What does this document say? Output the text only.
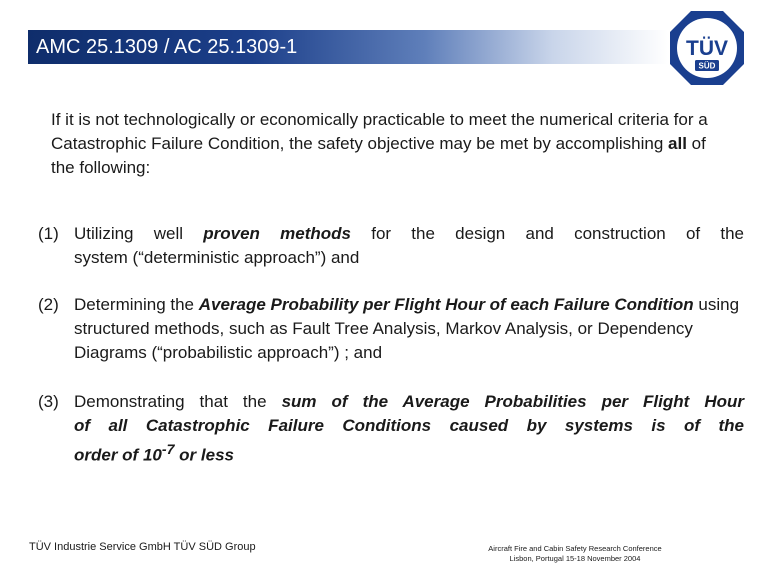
AMC 25.1309 / AC 25.1309-1	TÜV
SÜD
If it is not technologically or economically practicable to meet the numerical criteria for a Catastrophic Failure Condition, the safety objective may be met by accomplishing all of the following:
(1) Utilizing well proven methods for the design and construction of the
system (“deterministic approach”) and
(2) Determining the Average Probability per Flight Hour of each Failure Condition using structured methods, such as Fault Tree Analysis, Markov Analysis, or Dependency Diagrams (“probabilistic approach”) ; and
(3) Demonstrating that the sum of the Average Probabilities per Flight Hour
of all Catastrophic Failure Conditions caused by systems is of the
order of $10^{-7}$ or less
TÜV Industrie Service GmbH TÜV SÜD Group	Aircraft Fire and Cabin Safety Research Conference
Lisbon, Portugal 15-18 November 2004
